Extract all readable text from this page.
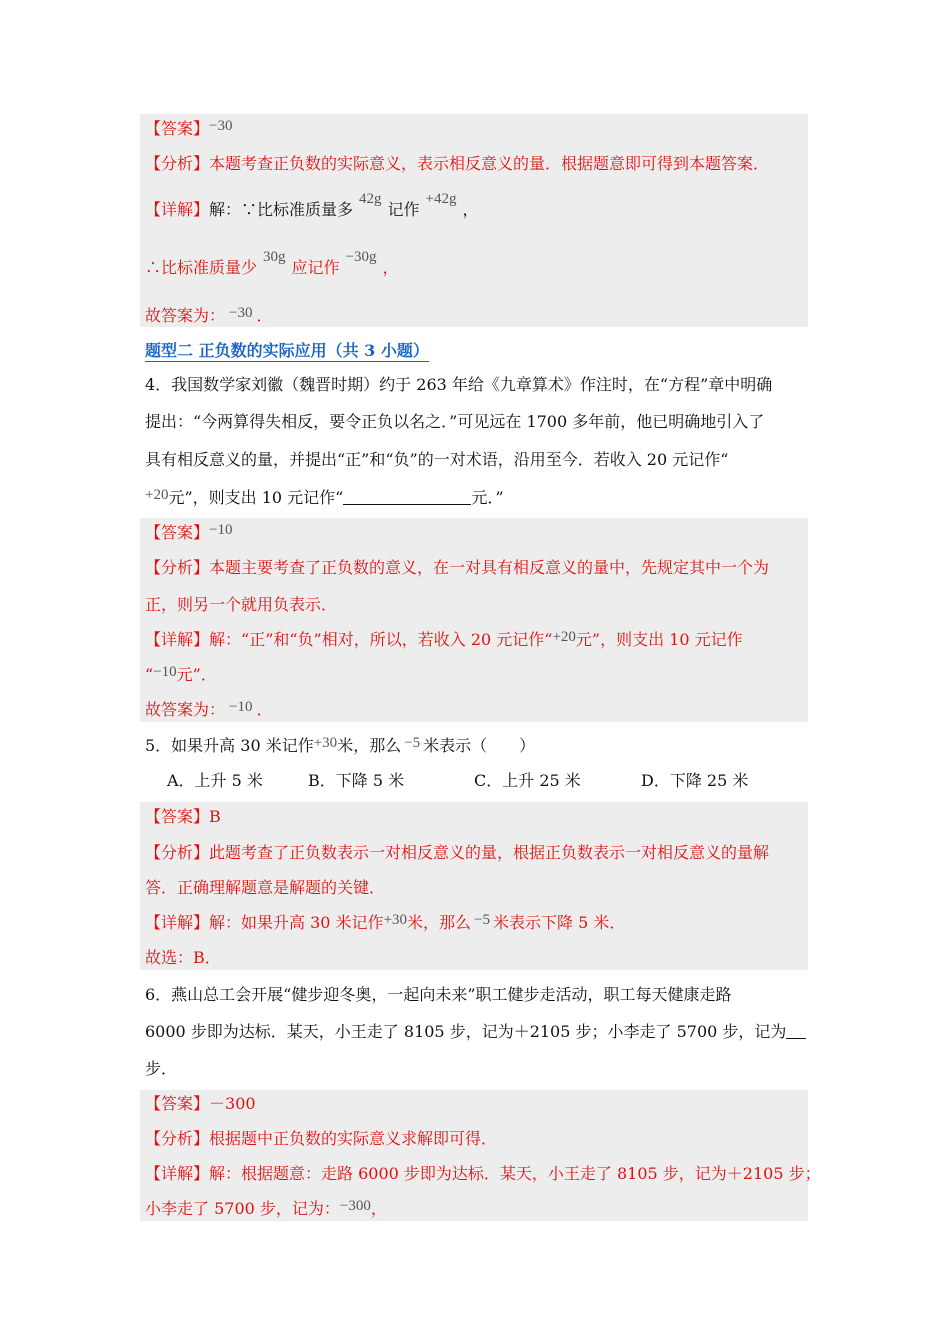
【答案】−30
【分析】本题考查正负数的实际意义，表示相反意义的量．根据题意即可得到本题答案．
【详解】解：∵比标准质量多42g记作+42g，
∴比标准质量少30g应记作−30g，
故答案为： −30 ．
题型二 正负数的实际应用（共 3 小题）
4．我国数学家刘徽（魏晋时期）约于 263 年给《九章算术》作注时，在“方程”章中明确
提出：“今两算得失相反，要令正负以名之．”可见远在 1700 多年前，他已明确地引入了
具有相反意义的量，并提出“正”和“负”的一对术语，沿用至今．若收入 20 元记作“
+20元”，则支出 10 元记作“	元．”
【答案】−10
【分析】本题主要考查了正负数的意义，在一对具有相反意义的量中，先规定其中一个为
正，则另一个就用负表示．
【详解】解：“正”和“负”相对，所以，若收入 20 元记作“+20元”，则支出 10 元记作
“−10元”．
故答案为： −10 ．
5．如果升高 30 米记作+30米，那么 −5 米表示（　　）
A．上升 5 米	B．下降 5 米	C．上升 25 米	D．下降 25 米
【答案】B
【分析】此题考查了正负数表示一对相反意义的量，根据正负数表示一对相反意义的量解
答．正确理解题意是解题的关键．
【详解】解：如果升高 30 米记作+30米，那么 −5 米表示下降 5 米．
故选：B．
6．燕山总工会开展“健步迎冬奥，一起向未来”职工健步走活动，职工每天健康走路
6000 步即为达标．某天，小王走了 8105 步，记为＋2105 步；小李走了 5700 步，记为
步．
【答案】－300
【分析】根据题中正负数的实际意义求解即可得．
【详解】解：根据题意：走路 6000 步即为达标．某天，小王走了 8105 步，记为＋2105 步；
小李走了 5700 步，记为：−300，
